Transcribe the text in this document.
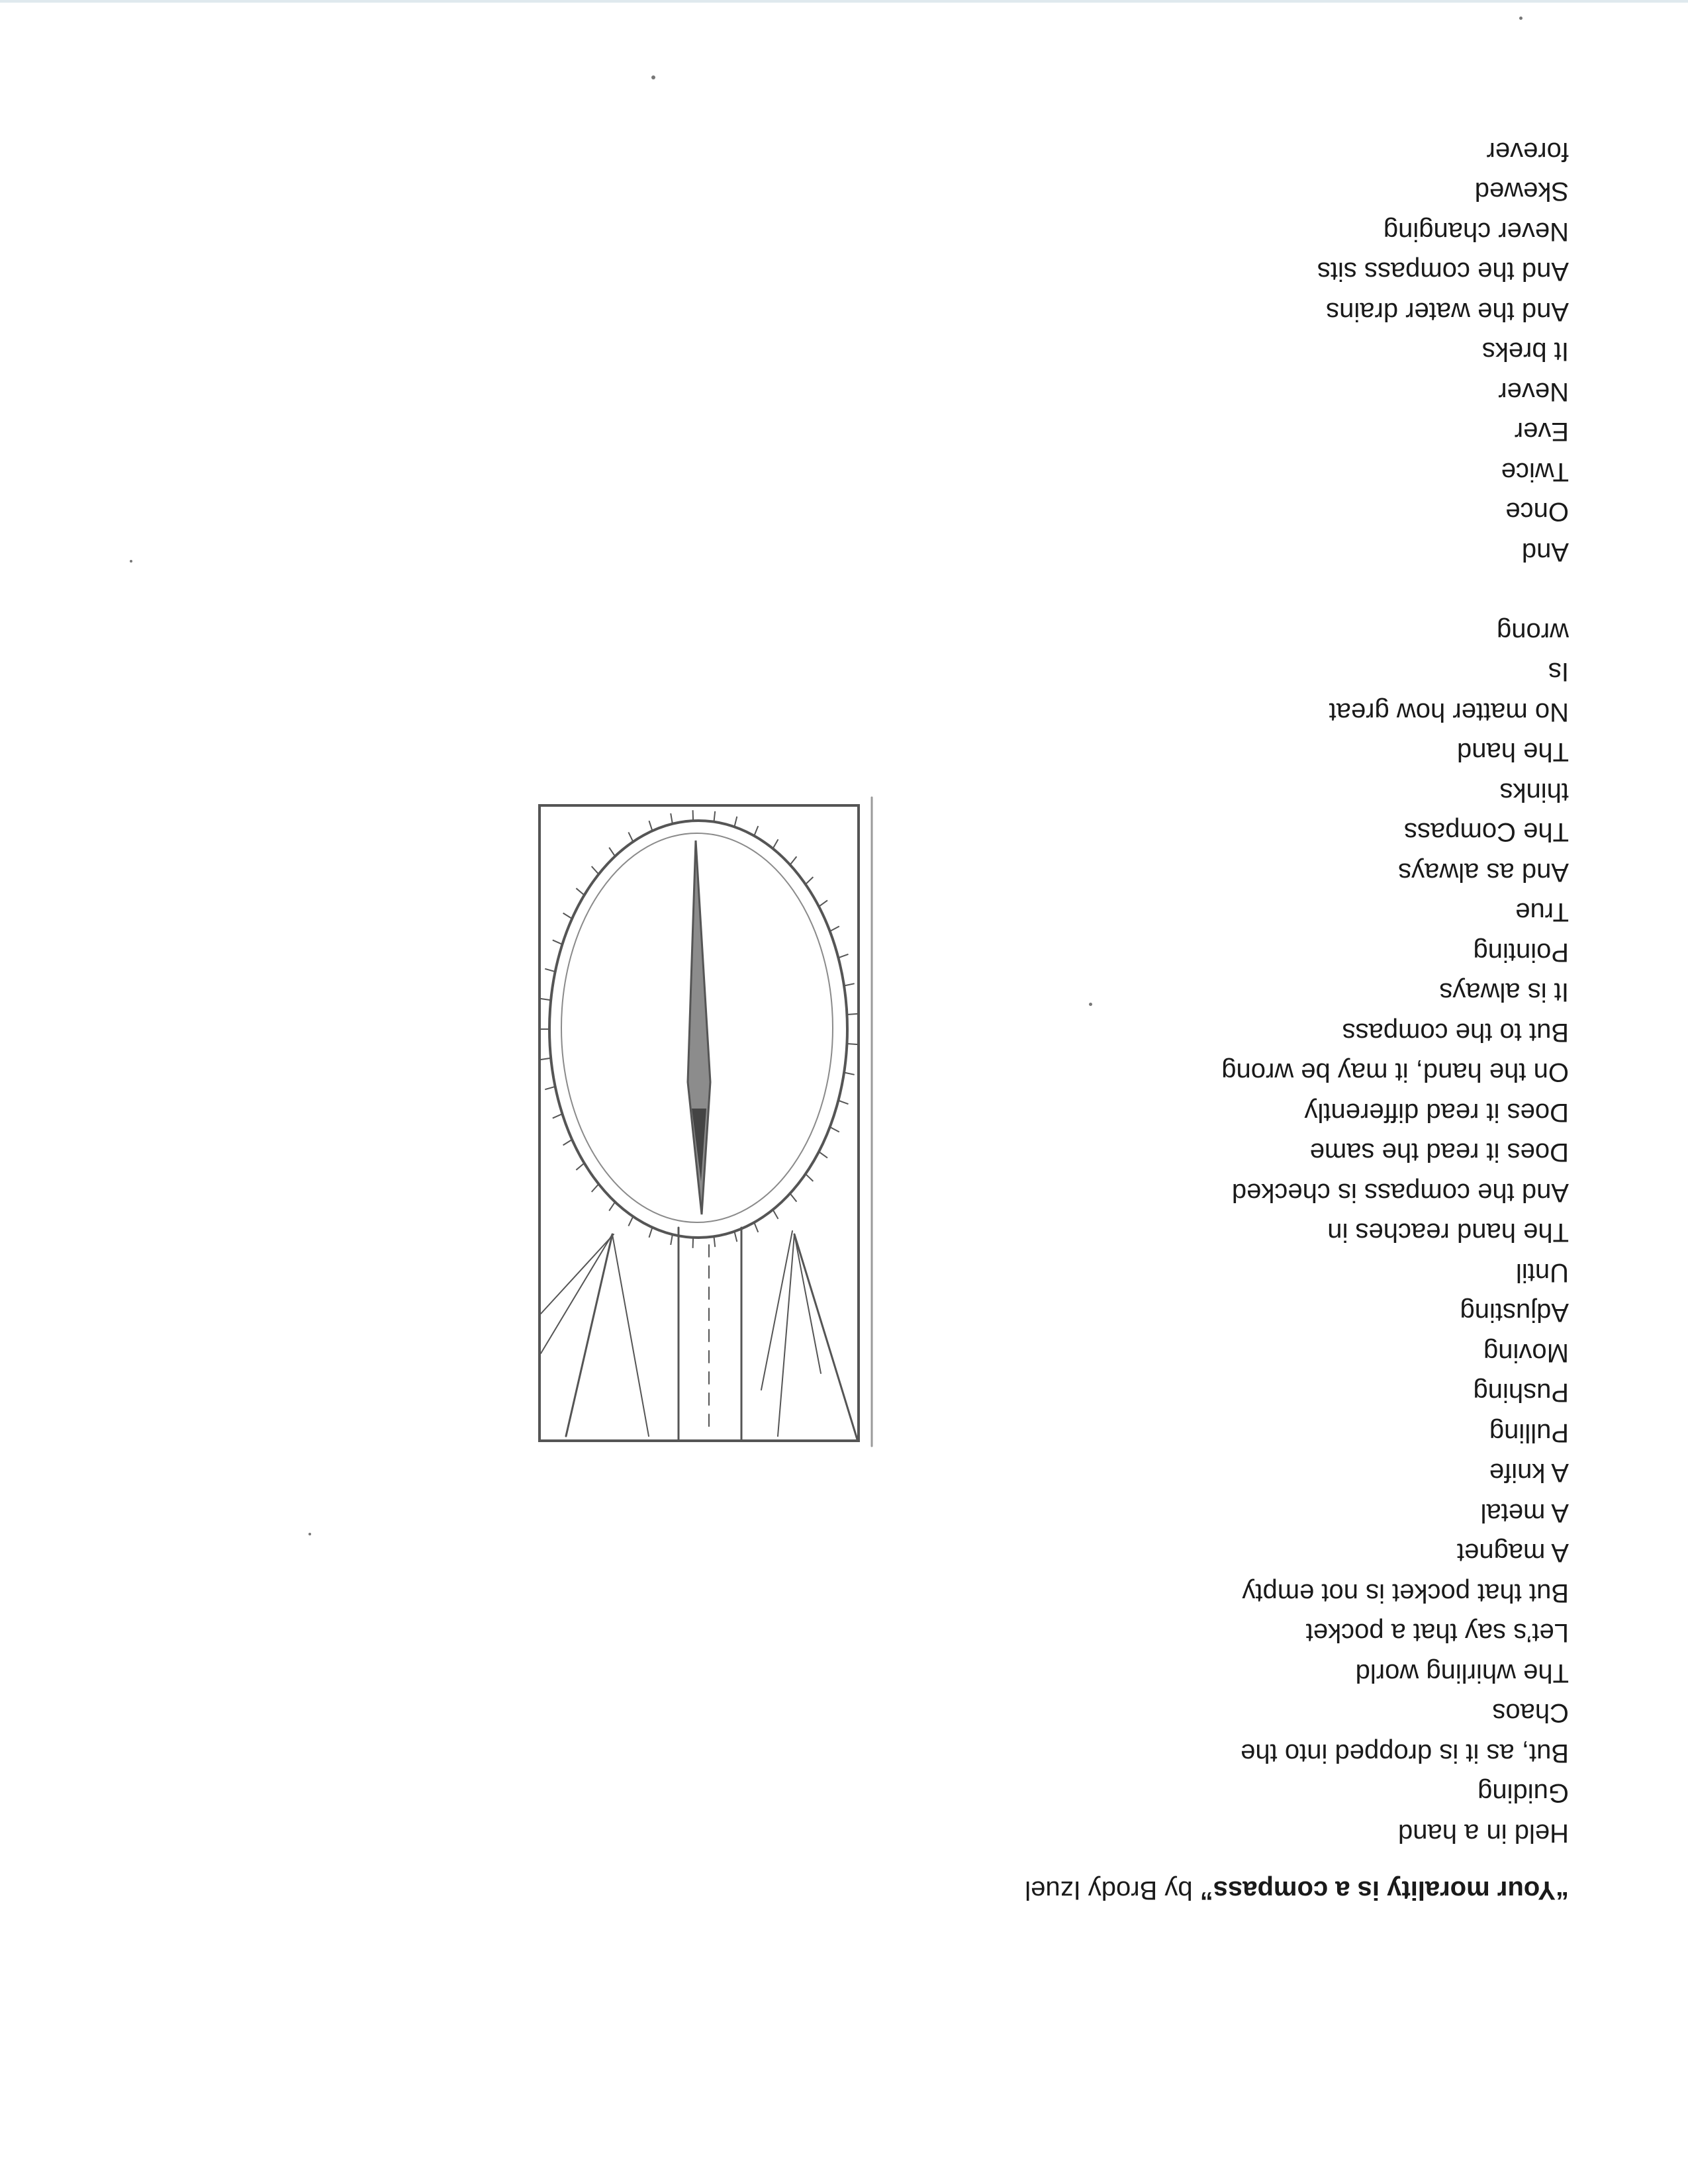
“Your morality is a compass” by Brody Izuel
Held in a hand
Guiding
But, as it is dropped into the
Chaos
The whirling world
Let’s say that a pocket
But that pocket is not empty
A magnet
A metal
A knife
Pulling
Pushing
Moving
Adjusting
Until
The hand reaches in
And the compass is checked
Does it read the same
Does it read differently
On the hand, it may be wrong
But to the compass
It is always
Pointing
True
And as always
The Compass
thinks
The hand
No matter how great
Is
wrong
And
Once
Twice
Ever
Never
It breks
And the water drains
And the compass sits
Never changing
Skewed
forever
